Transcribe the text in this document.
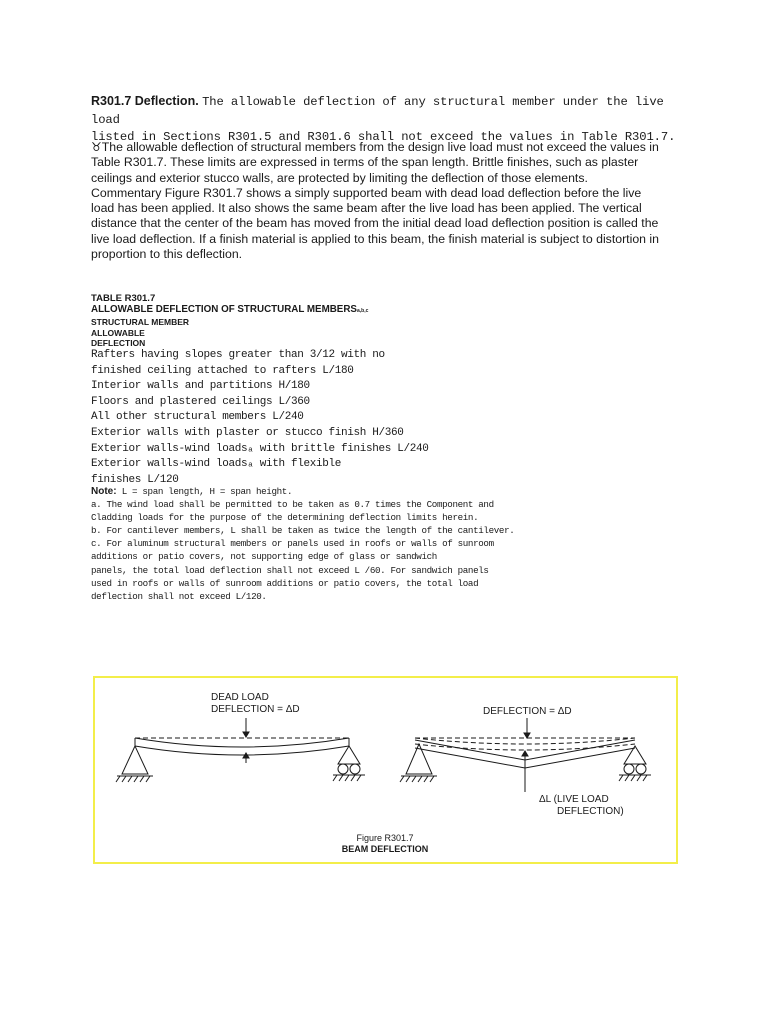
R301.7 Deflection. The allowable deflection of any structural member under the live load
listed in Sections R301.5 and R301.6 shall not exceed the values in Table R301.7.
♉The allowable deflection of structural members from the design live load must not exceed the values in
Table R301.7. These limits are expressed in terms of the span length. Brittle finishes, such as plaster
ceilings and exterior stucco walls, are protected by limiting the deflection of those elements.
Commentary Figure R301.7 shows a simply supported beam with dead load deflection before the live
load has been applied. It also shows the same beam after the live load has been applied. The vertical
distance that the center of the beam has moved from the initial dead load deflection position is called the
live load deflection. If a finish material is applied to this beam, the finish material is subject to distortion in
proportion to this deflection.
TABLE R301.7
ALLOWABLE DEFLECTION OF STRUCTURAL MEMBERSa,b,c
STRUCTURAL MEMBER
ALLOWABLE
DEFLECTION
Rafters having slopes greater than 3/12 with no
finished ceiling attached to rafters L/180
Interior walls and partitions H/180
Floors and plastered ceilings L/360
All other structural members L/240
Exterior walls with plaster or stucco finish H/360
Exterior walls-wind loadsₐ with brittle finishes L/240
Exterior walls-wind loadsₐ with flexible
finishes L/120
Note: L = span length, H = span height.
a. The wind load shall be permitted to be taken as 0.7 times the Component and
Cladding loads for the purpose of the determining deflection limits herein.
b. For cantilever members, L shall be taken as twice the length of the cantilever.
c. For aluminum structural members or panels used in roofs or walls of sunroom
additions or patio covers, not supporting edge of glass or sandwich
panels, the total load deflection shall not exceed L /60. For sandwich panels
used in roofs or walls of sunroom additions or patio covers, the total load
deflection shall not exceed L/120.
DEAD LOAD
DEFLECTION = ΔD	DEFLECTION = ΔD
ΔL (LIVE LOAD
DEFLECTION)
Figure R301.7
BEAM DEFLECTION
